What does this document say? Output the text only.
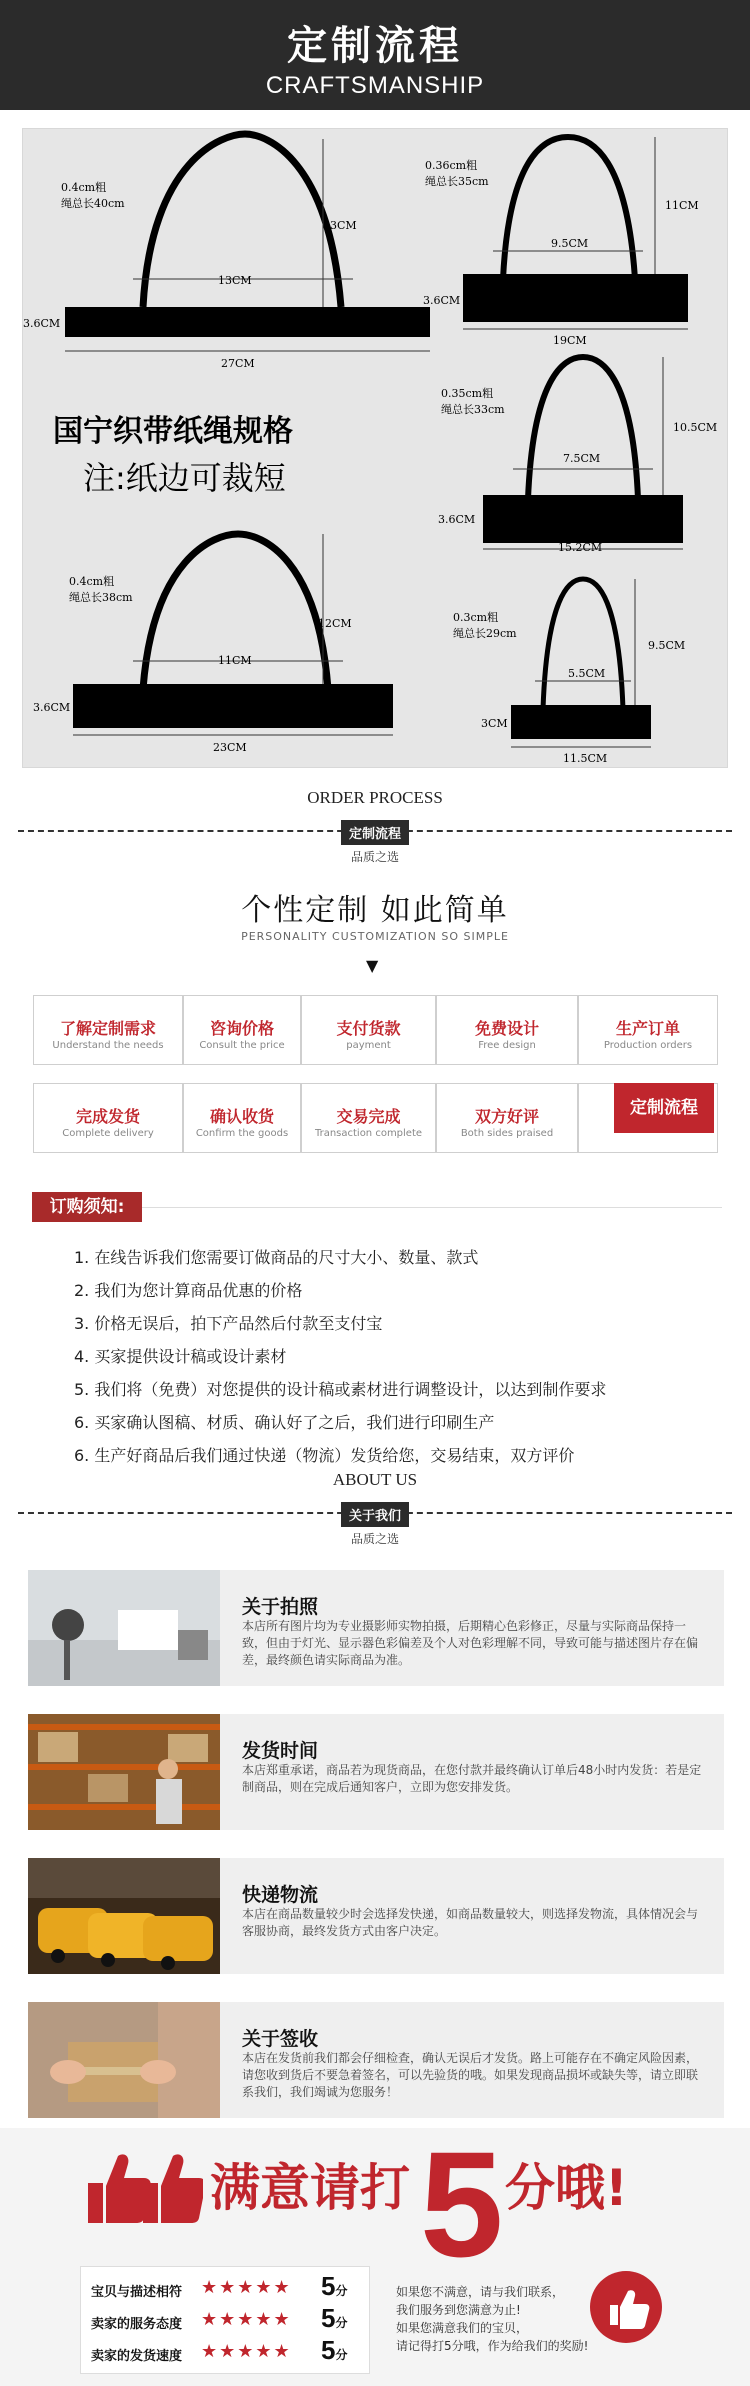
定制流程
CRAFTSMANSHIP
13CM
13CM
3.6CM
27CM
0.4cm粗
绳总长40cm
9.5CM
11CM
3.6CM
19CM
0.36cm粗
绳总长35cm
国宁织带纸绳规格
注:纸边可裁短
7.5CM
10.5CM
3.6CM
15.2CM
0.35cm粗
绳总长33cm
11CM
12CM
3.6CM
23CM
0.4cm粗
绳总长38cm
5.5CM
9.5CM
3CM
11.5CM
0.3cm粗
绳总长29cm
ORDER PROCESS
定制流程
品质之选
个性定制 如此简单
PERSONALITY CUSTOMIZATION SO SIMPLE
▼
了解定制需求
Understand the needs
咨询价格
Consult the price
支付货款
payment
免费设计
Free design
生产订单
Production orders
完成发货
Complete delivery
确认收货
Confirm the goods
交易完成
Transaction complete
双方好评
Both sides praised
定制流程
订购须知:
1. 在线告诉我们您需要订做商品的尺寸大小、数量、款式
2. 我们为您计算商品优惠的价格
3. 价格无误后，拍下产品然后付款至支付宝
4. 买家提供设计稿或设计素材
5. 我们将（免费）对您提供的设计稿或素材进行调整设计，以达到制作要求
6. 买家确认图稿、材质、确认好了之后，我们进行印刷生产
6. 生产好商品后我们通过快递（物流）发货给您，交易结束，双方评价
ABOUT US
关于我们
品质之选
关于拍照
本店所有图片均为专业摄影师实物拍摄，后期精心色彩修正，尽量与实际商品保持一致，但由于灯光、显示器色彩偏差及个人对色彩理解不同，导致可能与描述图片存在偏差，最终颜色请实际商品为准。
发货时间
本店郑重承诺，商品若为现货商品，在您付款并最终确认订单后48小时内发货：若是定制商品，则在完成后通知客户，立即为您安排发货。
快递物流
本店在商品数量较少时会选择发快递，如商品数量较大，则选择发物流，具体情况会与客服协商，最终发货方式由客户决定。
关于签收
本店在发货前我们都会仔细检查，确认无误后才发货。路上可能存在不确定风险因素，请您收到货后不要急着签名，可以先验货的哦。如果发现商品损坏或缺失等，请立即联系我们，我们竭诚为您服务！
满意请打 5 分哦!
宝贝与描述相符 ★★★★★ 5分
卖家的服务态度 ★★★★★ 5分
卖家的发货速度 ★★★★★ 5分
如果您不满意，请与我们联系，
我们服务到您满意为止!
如果您满意我们的宝贝，
请记得打5分哦，作为给我们的奖励!
